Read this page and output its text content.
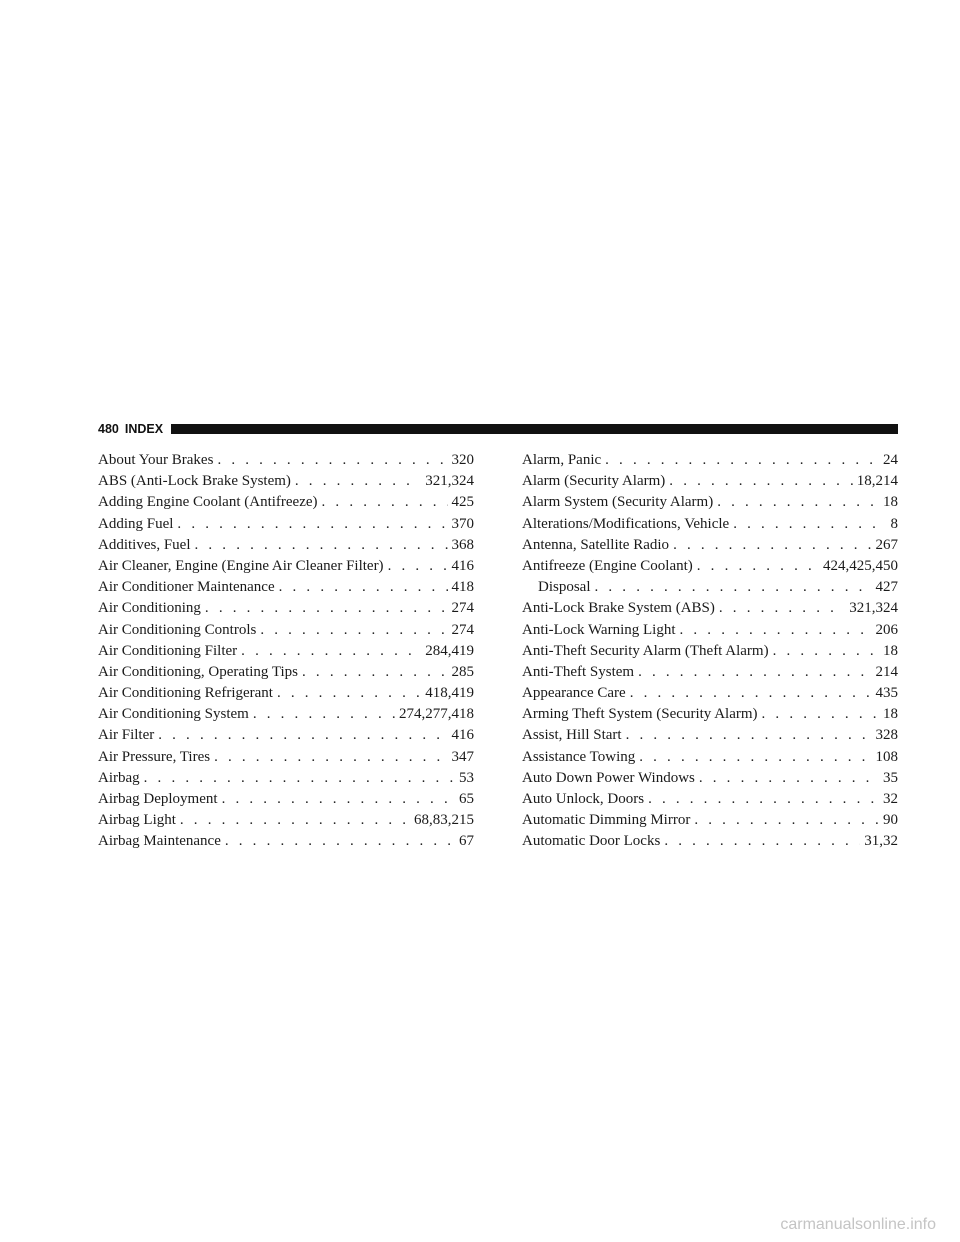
480 INDEX
About Your Brakes . . .	320
ABS (Anti-Lock Brake System) . . .	321,324
Adding Engine Coolant (Antifreeze) . . .	425
Adding Fuel . . .	370
Additives, Fuel . . .	368
Air Cleaner, Engine (Engine Air Cleaner Filter) . . .	416
Air Conditioner Maintenance . . .	418
Air Conditioning . . .	274
Air Conditioning Controls . . .	274
Air Conditioning Filter . . .	284,419
Air Conditioning, Operating Tips . . .	285
Air Conditioning Refrigerant . . .	418,419
Air Conditioning System . . .	274,277,418
Air Filter . . .	416
Air Pressure, Tires . . .	347
Airbag . . .	53
Airbag Deployment . . .	65
Airbag Light . . .	68,83,215
Airbag Maintenance . . .	67
Alarm, Panic . . .	24
Alarm (Security Alarm) . . .	18,214
Alarm System (Security Alarm) . . .	18
Alterations/Modifications, Vehicle . . .	8
Antenna, Satellite Radio . . .	267
Antifreeze (Engine Coolant) . . .	424,425,450
Disposal . . .	427
Anti-Lock Brake System (ABS) . . .	321,324
Anti-Lock Warning Light . . .	206
Anti-Theft Security Alarm (Theft Alarm) . . .	18
Anti-Theft System . . .	214
Appearance Care . . .	435
Arming Theft System (Security Alarm) . . .	18
Assist, Hill Start . . .	328
Assistance Towing . . .	108
Auto Down Power Windows . . .	35
Auto Unlock, Doors . . .	32
Automatic Dimming Mirror . . .	90
Automatic Door Locks . . .	31,32
carmanualsonline.info
